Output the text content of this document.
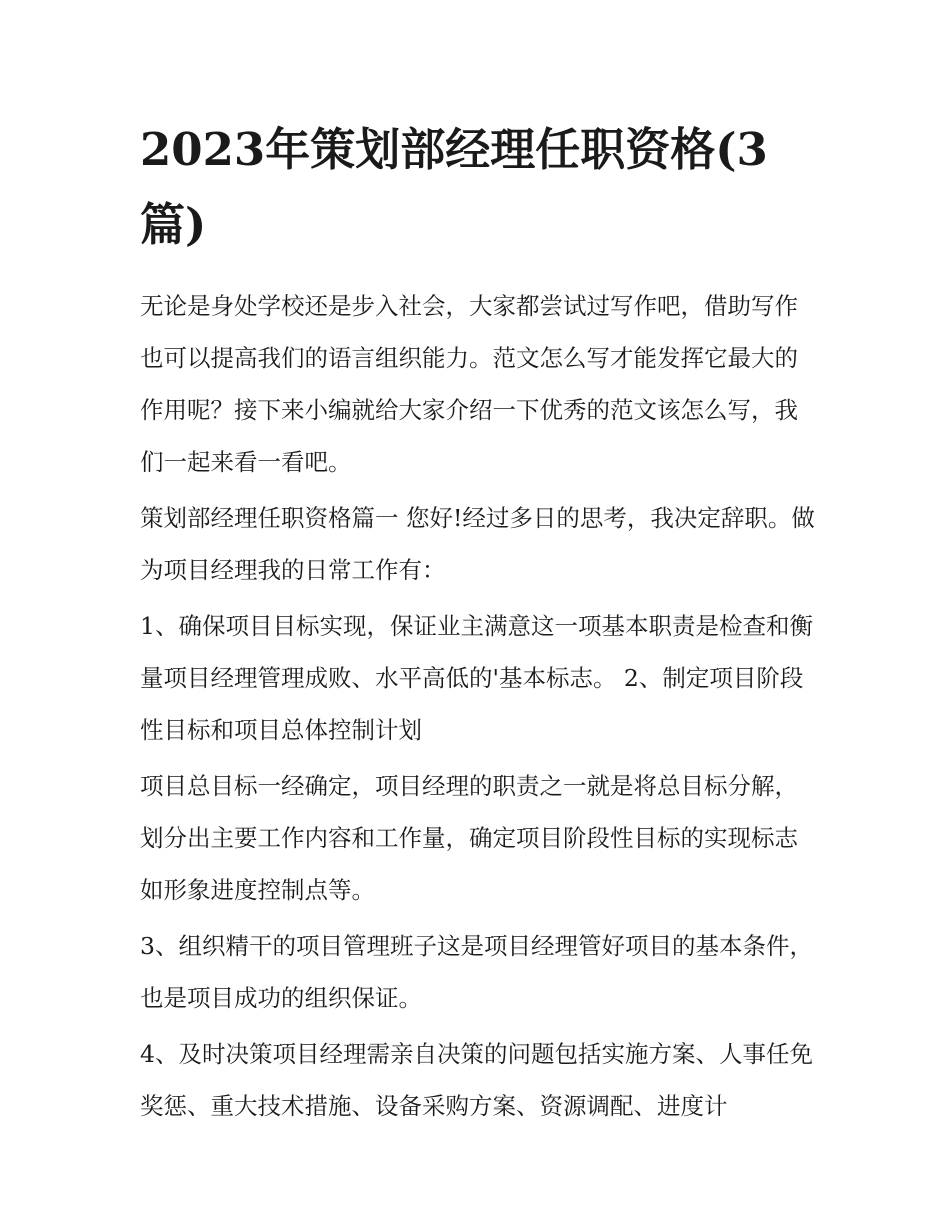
2023年策划部经理任职资格(3篇)

无论是身处学校还是步入社会，大家都尝试过写作吧，借助写作也可以提高我们的语言组织能力。范文怎么写才能发挥它最大的作用呢？接下来小编就给大家介绍一下优秀的范文该怎么写，我们一起来看一看吧。

策划部经理任职资格篇一 您好!经过多日的思考，我决定辞职。做为项目经理我的日常工作有：

1、确保项目目标实现，保证业主满意这一项基本职责是检查和衡量项目经理管理成败、水平高低的'基本标志。 2、制定项目阶段性目标和项目总体控制计划

项目总目标一经确定，项目经理的职责之一就是将总目标分解，划分出主要工作内容和工作量，确定项目阶段性目标的实现标志如形象进度控制点等。

3、组织精干的项目管理班子这是项目经理管好项目的基本条件，也是项目成功的组织保证。

4、及时决策项目经理需亲自决策的问题包括实施方案、人事任免奖惩、重大技术措施、设备采购方案、资源调配、进度计
